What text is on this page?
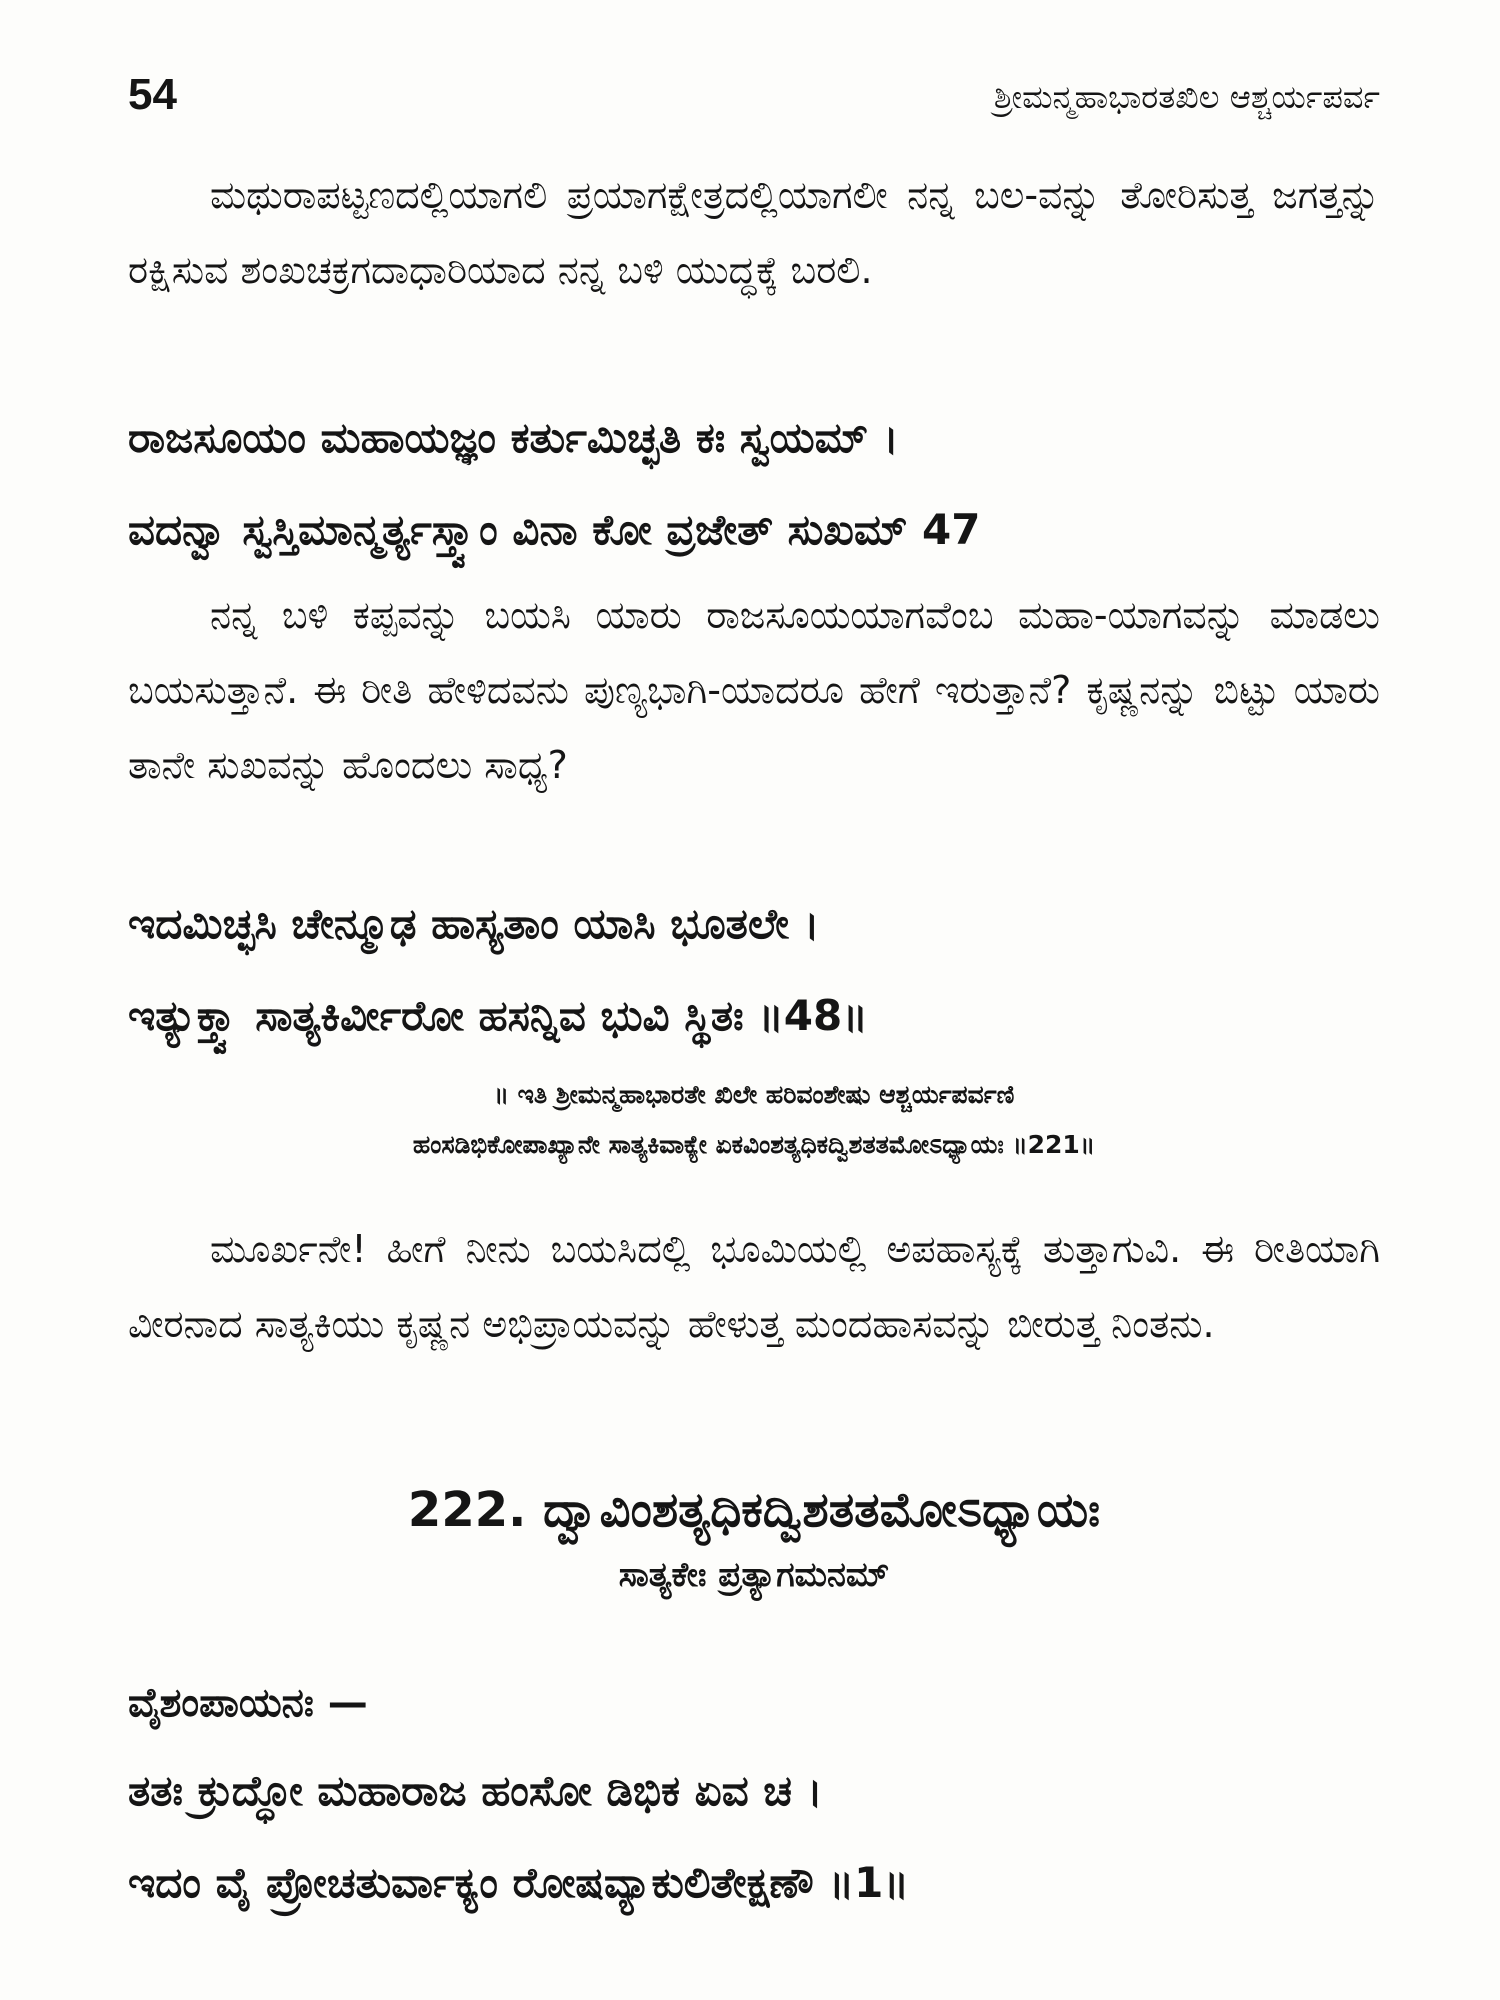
54	ಶ್ರೀಮನ್ಮಹಾಭಾರತಖಿಲ ಆಶ್ಚರ್ಯಪರ್ವ

ಮಥುರಾಪಟ್ಟಣದಲ್ಲಿಯಾಗಲಿ ಪ್ರಯಾಗಕ್ಷೇತ್ರದಲ್ಲಿಯಾಗಲೀ ನನ್ನ ಬಲ-ವನ್ನು ತೋರಿಸುತ್ತ ಜಗತ್ತನ್ನು ರಕ್ಷಿಸುವ ಶಂಖಚಕ್ರಗದಾಧಾರಿಯಾದ ನನ್ನ ಬಳಿ ಯುದ್ಧಕ್ಕೆ ಬರಲಿ.

ರಾಜಸೂಯಂ ಮಹಾಯಜ್ಞಂ ಕರ್ತುಮಿಚ್ಛತಿ ಕಃ ಸ್ವಯಮ್ ।
ವದನ್ವಾ ಸ್ವಸ್ತಿಮಾನ್ಮರ್ತ್ಯಸ್ತ್ವಾಂ ವಿನಾ ಕೋ ವ್ರಜೇತ್ ಸುಖಮ್ 47

ನನ್ನ ಬಳಿ ಕಪ್ಪವನ್ನು ಬಯಸಿ ಯಾರು ರಾಜಸೂಯಯಾಗವೆಂಬ ಮಹಾ-ಯಾಗವನ್ನು ಮಾಡಲು ಬಯಸುತ್ತಾನೆ. ಈ ರೀತಿ ಹೇಳಿದವನು ಪುಣ್ಯಭಾಗಿ-ಯಾದರೂ ಹೇಗೆ ಇರುತ್ತಾನೆ? ಕೃಷ್ಣನನ್ನು ಬಿಟ್ಟು ಯಾರು ತಾನೇ ಸುಖವನ್ನು ಹೊಂದಲು ಸಾಧ್ಯ?

ಇದಮಿಚ್ಛಸಿ ಚೇನ್ಮೂಢ ಹಾಸ್ಯತಾಂ ಯಾಸಿ ಭೂತಲೇ ।
ಇತ್ಯುಕ್ತ್ವಾ ಸಾತ್ಯಕಿರ್ವೀರೋ ಹಸನ್ನಿವ ಭುವಿ ಸ್ಥಿತಃ ॥48॥
॥ ಇತಿ ಶ್ರೀಮನ್ಮಹಾಭಾರತೇ ಖಿಲೇ ಹರಿವಂಶೇಷು ಆಶ್ಚರ್ಯಪರ್ವಣಿ
ಹಂಸಡಿಭಿಕೋಪಾಖ್ಯಾನೇ ಸಾತ್ಯಕಿವಾಕ್ಯೇ ಏಕವಿಂಶತ್ಯಧಿಕದ್ವಿಶತತಮೋಽಧ್ಯಾಯಃ ॥221॥

ಮೂರ್ಖನೇ! ಹೀಗೆ ನೀನು ಬಯಸಿದಲ್ಲಿ ಭೂಮಿಯಲ್ಲಿ ಅಪಹಾಸ್ಯಕ್ಕೆ ತುತ್ತಾಗುವಿ. ಈ ರೀತಿಯಾಗಿ ವೀರನಾದ ಸಾತ್ಯಕಿಯು ಕೃಷ್ಣನ ಅಭಿಪ್ರಾಯವನ್ನು ಹೇಳುತ್ತ ಮಂದಹಾಸವನ್ನು ಬೀರುತ್ತ ನಿಂತನು.

222. ದ್ವಾವಿಂಶತ್ಯಧಿಕದ್ವಿಶತತಮೋಽಧ್ಯಾಯಃ
ಸಾತ್ಯಕೇಃ ಪ್ರತ್ಯಾಗಮನಮ್
ವೈಶಂಪಾಯನಃ —
ತತಃ ಕ್ರುದ್ಧೋ ಮಹಾರಾಜ ಹಂಸೋ ಡಿಭಿಕ ಏವ ಚ ।
ಇದಂ ವೈ ಪ್ರೋಚತುರ್ವಾಕ್ಯಂ ರೋಷವ್ಯಾಕುಲಿತೇಕ್ಷಣೌ ॥1॥
